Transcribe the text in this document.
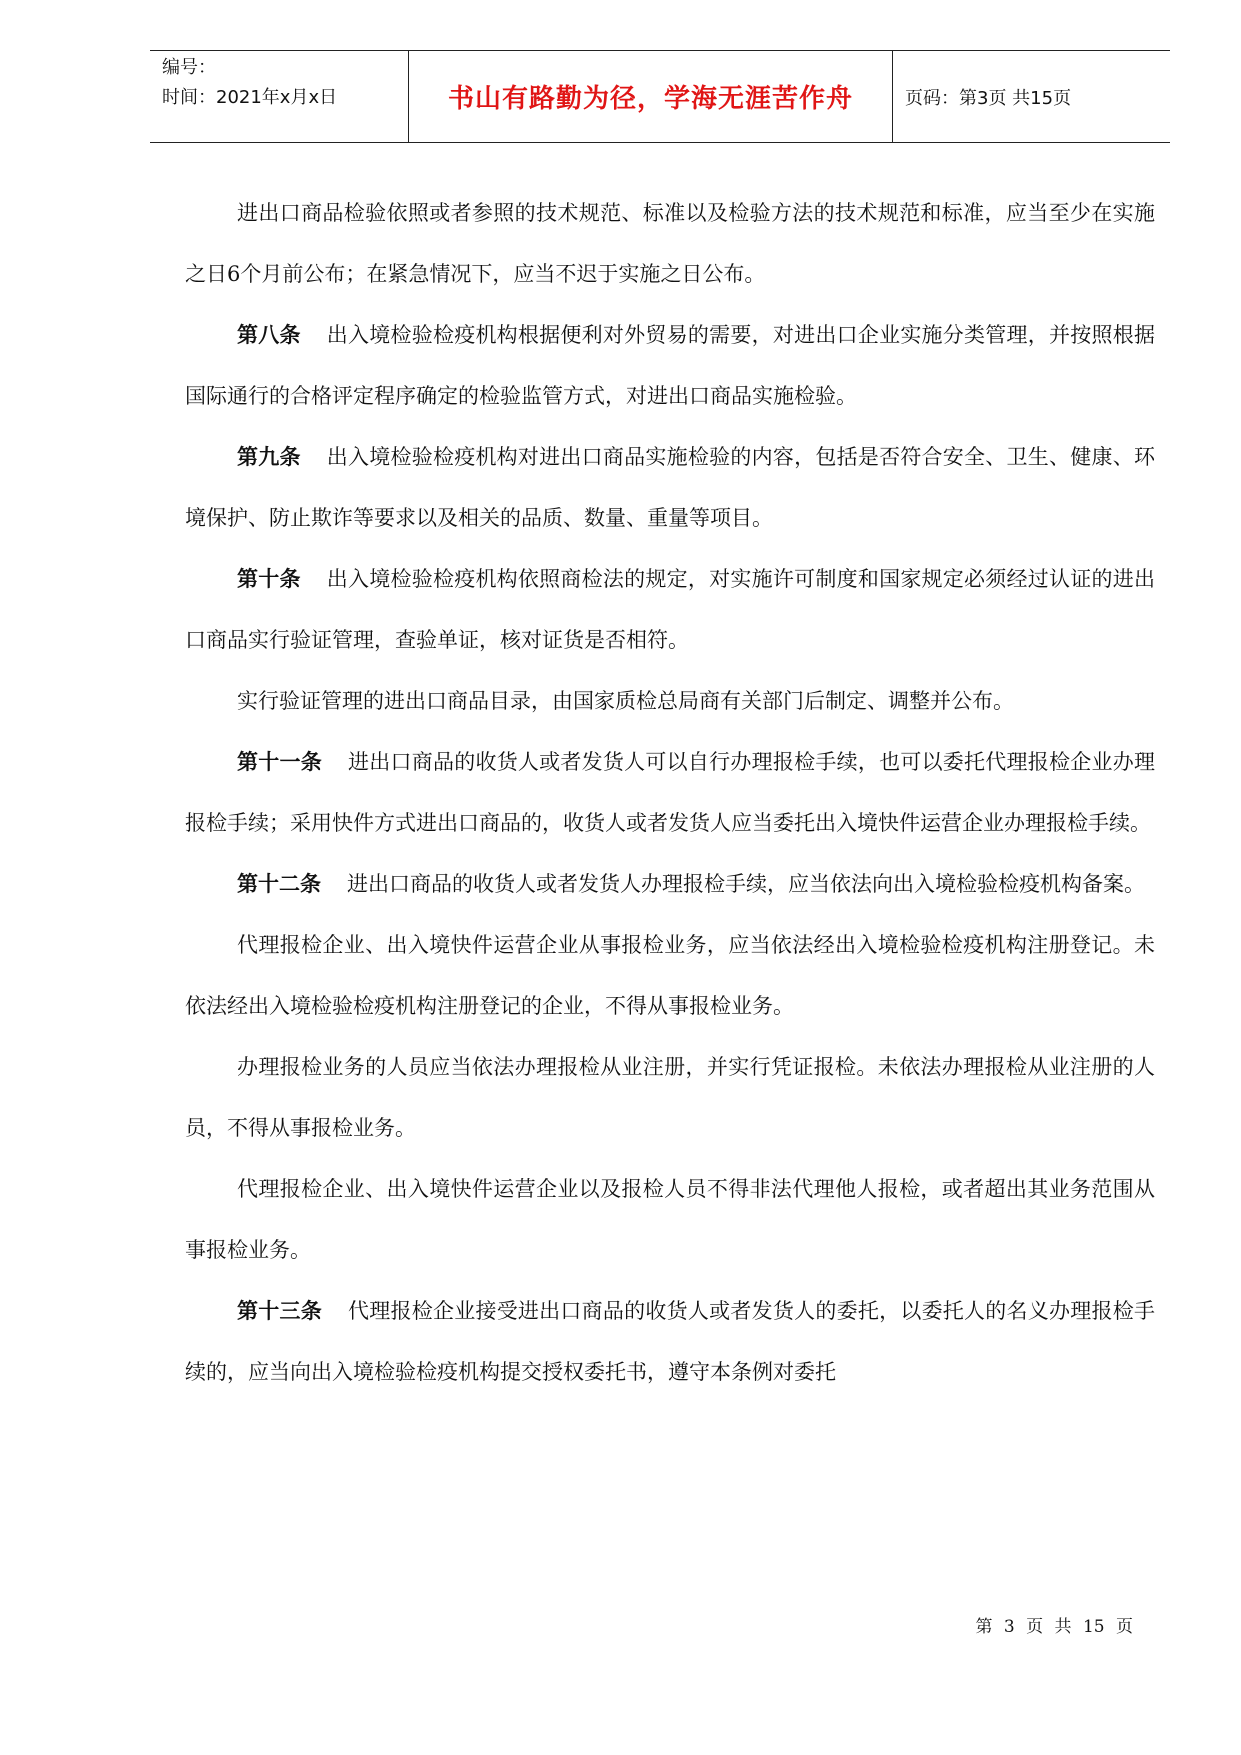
编号：
时间：2021年x月x日	书山有路勤为径，学海无涯苦作舟	页码：第3页 共15页

进出口商品检验依照或者参照的技术规范、标准以及检验方法的技术规范和标准，应当至少在实施之日6个月前公布；在紧急情况下，应当不迟于实施之日公布。

第八条 出入境检验检疫机构根据便利对外贸易的需要，对进出口企业实施分类管理，并按照根据国际通行的合格评定程序确定的检验监管方式，对进出口商品实施检验。

第九条 出入境检验检疫机构对进出口商品实施检验的内容，包括是否符合安全、卫生、健康、环境保护、防止欺诈等要求以及相关的品质、数量、重量等项目。

第十条 出入境检验检疫机构依照商检法的规定，对实施许可制度和国家规定必须经过认证的进出口商品实行验证管理，查验单证，核对证货是否相符。

实行验证管理的进出口商品目录，由国家质检总局商有关部门后制定、调整并公布。

第十一条 进出口商品的收货人或者发货人可以自行办理报检手续，也可以委托代理报检企业办理报检手续；采用快件方式进出口商品的，收货人或者发货人应当委托出入境快件运营企业办理报检手续。

第十二条 进出口商品的收货人或者发货人办理报检手续，应当依法向出入境检验检疫机构备案。

代理报检企业、出入境快件运营企业从事报检业务，应当依法经出入境检验检疫机构注册登记。未依法经出入境检验检疫机构注册登记的企业，不得从事报检业务。

办理报检业务的人员应当依法办理报检从业注册，并实行凭证报检。未依法办理报检从业注册的人员，不得从事报检业务。

代理报检企业、出入境快件运营企业以及报检人员不得非法代理他人报检，或者超出其业务范围从事报检业务。

第十三条 代理报检企业接受进出口商品的收货人或者发货人的委托，以委托人的名义办理报检手续的，应当向出入境检验检疫机构提交授权委托书，遵守本条例对委托

第 3 页 共 15 页
